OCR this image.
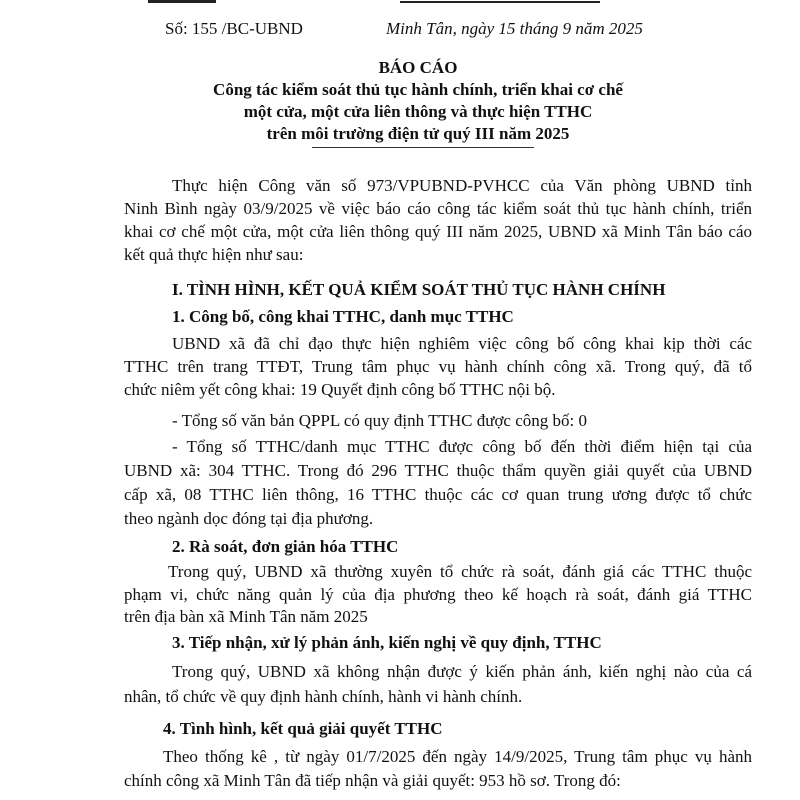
Số: 155 /BC-UBND	Minh Tân, ngày 15 tháng 9 năm 2025
BÁO CÁO
Công tác kiểm soát thủ tục hành chính, triển khai cơ chế
một cửa, một cửa liên thông và thực hiện TTHC
trên môi trường điện tử quý III năm 2025
Thực hiện Công văn số 973/VPUBND-PVHCC của Văn phòng UBND tỉnh
Ninh Bình ngày 03/9/2025 về việc báo cáo công tác kiểm soát thủ tục hành chính, triển
khai cơ chế một cửa, một cửa liên thông quý III năm 2025, UBND xã Minh Tân báo cáo
kết quả thực hiện như sau:
I. TÌNH HÌNH, KẾT QUẢ KIỂM SOÁT THỦ TỤC HÀNH CHÍNH
1. Công bố, công khai TTHC, danh mục TTHC
UBND xã đã chỉ đạo thực hiện nghiêm việc công bố công khai kịp thời các
TTHC trên trang TTĐT, Trung tâm phục vụ hành chính công xã. Trong quý, đã tổ
chức niêm yết công khai: 19 Quyết định công bố TTHC nội bộ.
- Tổng số văn bản QPPL có quy định TTHC được công bố: 0
- Tổng số TTHC/danh mục TTHC được công bố đến thời điểm hiện tại của
UBND xã: 304 TTHC. Trong đó 296 TTHC thuộc thẩm quyền giải quyết của UBND
cấp xã, 08 TTHC liên thông, 16 TTHC thuộc các cơ quan trung ương được tổ chức
theo ngành dọc đóng tại địa phương.
2. Rà soát, đơn giản hóa TTHC
Trong quý, UBND xã thường xuyên tổ chức rà soát, đánh giá các TTHC thuộc
phạm vi, chức năng quản lý của địa phương theo kế hoạch rà soát, đánh giá TTHC
trên địa bàn xã Minh Tân năm 2025
3. Tiếp nhận, xử lý phản ánh, kiến nghị về quy định, TTHC
Trong quý, UBND xã không nhận được ý kiến phản ánh, kiến nghị nào của cá
nhân, tổ chức về quy định hành chính, hành vi hành chính.
4. Tình hình, kết quả giải quyết TTHC
Theo thống kê , từ ngày 01/7/2025 đến ngày 14/9/2025, Trung tâm phục vụ hành
chính công xã Minh Tân đã tiếp nhận và giải quyết: 953 hồ sơ. Trong đó:
